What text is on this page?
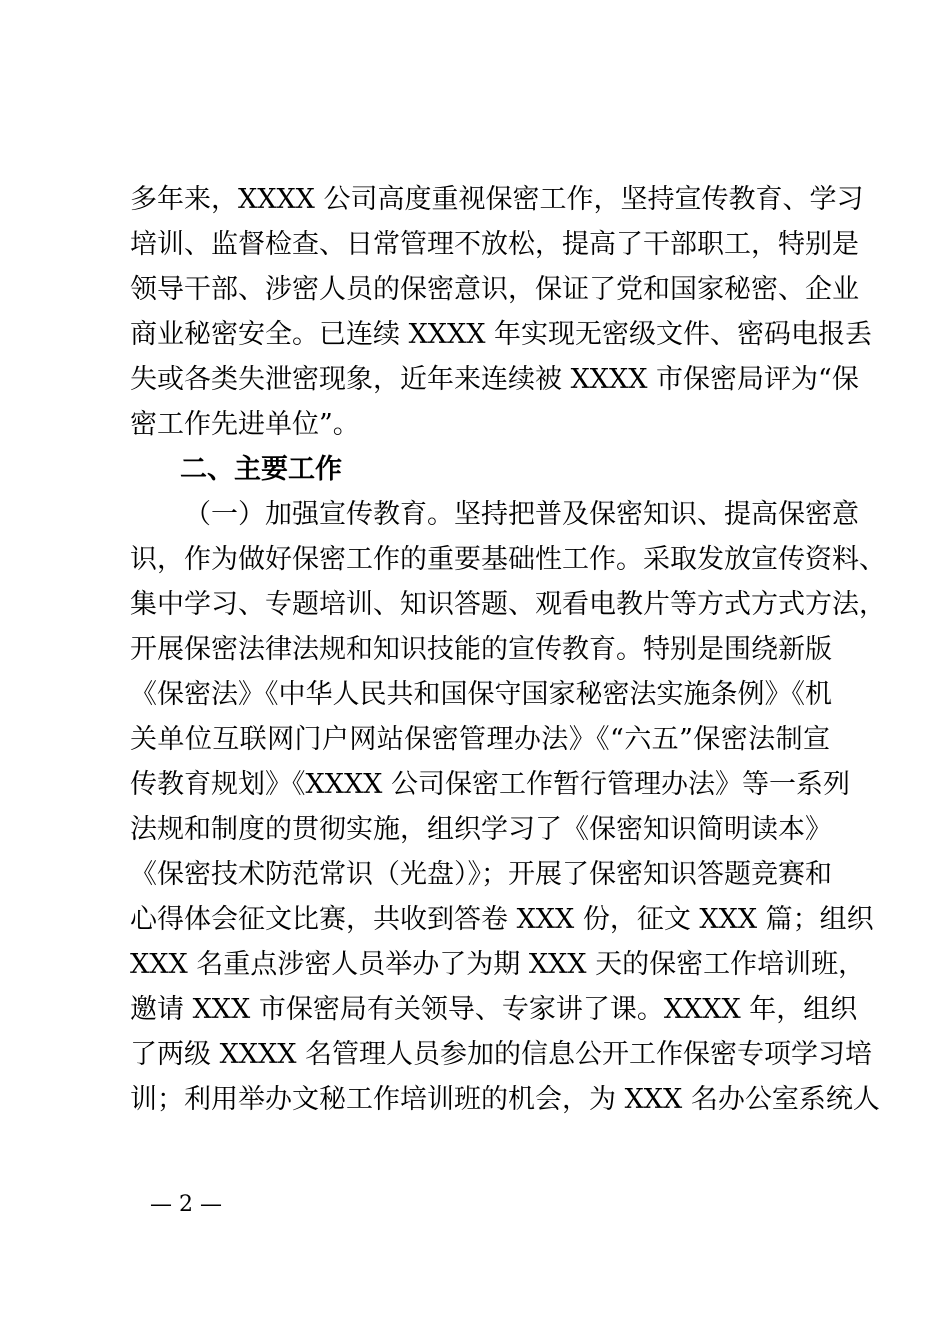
多年来，XXXX 公司高度重视保密工作，坚持宣传教育、学习
培训、监督检查、日常管理不放松，提高了干部职工，特别是
领导干部、涉密人员的保密意识，保证了党和国家秘密、企业
商业秘密安全。已连续 XXXX 年实现无密级文件、密码电报丢
失或各类失泄密现象，近年来连续被 XXXX 市保密局评为“保
密工作先进单位”。
二、主要工作
（一）加强宣传教育。坚持把普及保密知识、提高保密意
识，作为做好保密工作的重要基础性工作。采取发放宣传资料、
集中学习、专题培训、知识答题、观看电教片等方式方式方法，
开展保密法律法规和知识技能的宣传教育。特别是围绕新版
《保密法》《中华人民共和国保守国家秘密法实施条例》《机
关单位互联网门户网站保密管理办法》《“六五”保密法制宣
传教育规划》《XXXX 公司保密工作暂行管理办法》等一系列
法规和制度的贯彻实施，组织学习了《保密知识简明读本》
《保密技术防范常识（光盘）》；开展了保密知识答题竞赛和
心得体会征文比赛，共收到答卷 XXX 份，征文 XXX 篇；组织
XXX 名重点涉密人员举办了为期 XXX 天的保密工作培训班，
邀请 XXX 市保密局有关领导、专家讲了课。XXXX 年，组织
了两级 XXXX 名管理人员参加的信息公开工作保密专项学习培
训；利用举办文秘工作培训班的机会，为 XXX 名办公室系统人
— 2 —
